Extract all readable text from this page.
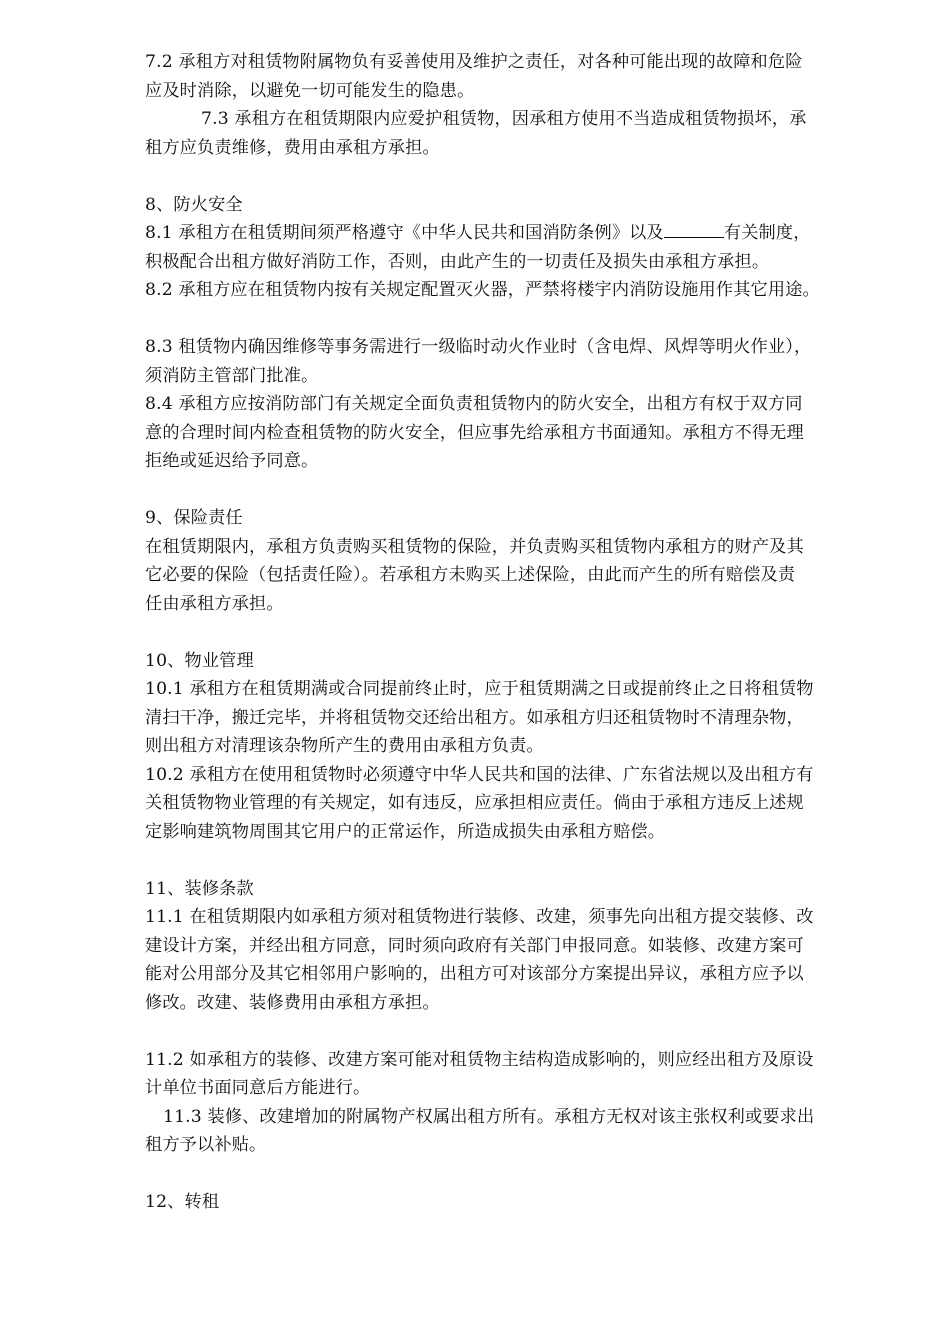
7.2 承租方对租赁物附属物负有妥善使用及维护之责任，对各种可能出现的故障和危险
应及时消除，以避免一切可能发生的隐患。
7.3 承租方在租赁期限内应爱护租赁物，因承租方使用不当造成租赁物损坏，承
租方应负责维修，费用由承租方承担。
8、防火安全
8.1 承租方在租赁期间须严格遵守《中华人民共和国消防条例》以及	有关制度，
积极配合出租方做好消防工作，否则，由此产生的一切责任及损失由承租方承担。
8.2 承租方应在租赁物内按有关规定配置灭火器，严禁将楼宇内消防设施用作其它用途。
8.3 租赁物内确因维修等事务需进行一级临时动火作业时（含电焊、风焊等明火作业），
须消防主管部门批准。
8.4 承租方应按消防部门有关规定全面负责租赁物内的防火安全，出租方有权于双方同
意的合理时间内检查租赁物的防火安全，但应事先给承租方书面通知。承租方不得无理
拒绝或延迟给予同意。
9、保险责任
在租赁期限内，承租方负责购买租赁物的保险，并负责购买租赁物内承租方的财产及其
它必要的保险（包括责任险）。若承租方未购买上述保险，由此而产生的所有赔偿及责
任由承租方承担。
10、物业管理
10.1 承租方在租赁期满或合同提前终止时，应于租赁期满之日或提前终止之日将租赁物
清扫干净，搬迁完毕，并将租赁物交还给出租方。如承租方归还租赁物时不清理杂物，
则出租方对清理该杂物所产生的费用由承租方负责。
10.2 承租方在使用租赁物时必须遵守中华人民共和国的法律、广东省法规以及出租方有
关租赁物物业管理的有关规定，如有违反，应承担相应责任。倘由于承租方违反上述规
定影响建筑物周围其它用户的正常运作，所造成损失由承租方赔偿。
11、装修条款
11.1 在租赁期限内如承租方须对租赁物进行装修、改建，须事先向出租方提交装修、改
建设计方案，并经出租方同意，同时须向政府有关部门申报同意。如装修、改建方案可
能对公用部分及其它相邻用户影响的，出租方可对该部分方案提出异议，承租方应予以
修改。改建、装修费用由承租方承担。
11.2 如承租方的装修、改建方案可能对租赁物主结构造成影响的，则应经出租方及原设
计单位书面同意后方能进行。
11.3 装修、改建增加的附属物产权属出租方所有。承租方无权对该主张权利或要求出
租方予以补贴。
12、转租
